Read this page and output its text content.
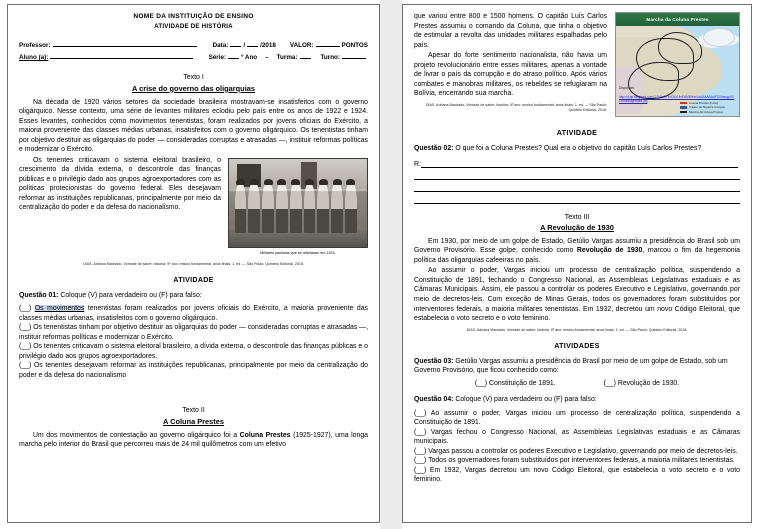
NOME DA INSTITUIÇÃO DE ENSINO
ATIVIDADE DE HISTÓRIA
Professor:	Data: / /2018 VALOR:	PONTOS
Aluno (a):	Série: º Ano – Turma:	Turno:
Texto I
A crise do governo das oligarquias

Na década de 1920 vários setores da sociedade brasileira mostravam-se insatisfeitos com o governo oligárquico. Nesse contexto, uma série de levantes militares eclodiu pelo país entre os anos de 1922 e 1924. Esses levantes, conhecidos como movimentos tenentistas, foram realizados por jovens oficiais do Exército, a maioria proveniente das classes médias urbanas, insatisfeitos com o governo oligárquico. Os tenentistas tinham por objetivo destituir as oligarquias do poder — consideradas corruptas e atrasadas —, instituir reformas políticas e modernizar o Exército.

Militares paulistas que se rebelaram em 1924.

Os tenentes criticavam o sistema eleitoral brasileiro, o crescimento da dívida externa, o descontrole das finanças públicas e o privilégio dado aos grupos agroexportadores com as políticas protecionistas do governo federal. Eles desejavam reformar as instituições republicanas, principalmente por meio da centralização do poder e da defesa do nacionalismo.

DIAS, Adriana Machado. Vontade de saber: história: 9º ano: ensino fundamental: anos finais. 1. ed. — São Paulo: Quinteto Editorial, 2018.
ATIVIDADE
Questão 01: Coloque (V) para verdadeiro ou (F) para falso:

(__) Os movimentos tenentistas foram realizados por jovens oficiais do Exército, a maioria proveniente das classes médias urbanas, insatisfeitos com o governo oligárquico.

(__) Os tenentistas tinham por objetivo destituir as oligarquias do poder — consideradas corruptas e atrasadas —, instituir reformas políticas e modernizar o Exército.

(__) Os tenentes criticavam o sistema eleitoral brasileiro, a dívida externa, o descontrole das finanças públicas e o privilégio dado aos grupos agroexportadores.

(__) Os tenentes desejavam reformar as instituições republicanas, principalmente por meio da centralização do poder e da defesa do nacionalismo

Texto II
A Coluna Prestes

Um dos movimentos de contestação ao governo oligárquico foi a Coluna Prestes (1925-1927), uma longa marcha pelo interior do Brasil que percorreu mais de 24 mil quilômetros com um efetivo

Marcha da Coluna Prestes
Disponível:
http://4.bp.blogspot.com/-1Tc8cAYYcClU/UlvEAMB9nhI/AAAAAAAAFCI/ImoqpXCO/colunaprestes.jpg	Coluna Prestes (início)
Trajeto de Siqueira Campos
Marcha da Coluna Prestes

que variou entre 800 e 1500 homens. O capitão Luís Carlos Prestes assumiu o comando da Coluna, que tinha o objetivo de estimular a revolta das unidades militares espalhadas pelo país.

Apesar do forte sentimento nacionalista, não havia um projeto revolucionário entre esses militares, apenas a vontade de livrar o país da corrupção e do atraso político. Após vários combates e manobras militares, os rebeldes se refugiaram na Bolívia, encerrando sua marcha.

DIAS, Adriana Machado. Vontade de saber: história: 9º ano: ensino fundamental: anos finais. 1. ed. — São Paulo: Quinteto Editorial, 2018.
ATIVIDADE
Questão 02: O que foi a Coluna Prestes? Qual era o objetivo do capitão Luís Carlos Prestes?
R:
Texto III
A Revolução de 1930

Em 1930, por meio de um golpe de Estado, Getúlio Vargas assumiu a presidência do Brasil sob um Governo Provisório. Esse golpe, conhecido como Revolução de 1930, marcou o fim da hegemonia política das oligarquias cafeeiras no país.

Ao assumir o poder, Vargas iniciou um processo de centralização política, suspendendo a Constituição de 1891, fechando o Congresso Nacional, as Assembleias Legislativas estaduais e as Câmaras Municipais. Assim, ele passou a controlar os poderes Executivo e Legislativo, governando por meio de decretos-leis. Com exceção de Minas Gerais, todos os governadores foram substituídos por interventores federais, a maioria militares tenentistas. Em 1932, decretou um novo Código Eleitoral, que estabelecia o voto secreto e o voto feminino.

DIAS, Adriana Machado. Vontade de saber: história: 9º ano: ensino fundamental: anos finais. 1. ed. — São Paulo: Quinteto Editorial, 2018.
ATIVIDADES
Questão 03: Getúlio Vargas assumiu a presidência do Brasil por meio de um golpe de Estado, sob um Governo Provisório, que ficou conhecido como:
(__) Constituição de 1891.	(__) Revolução de 1930.
Questão 04: Coloque (V) para verdadeiro ou (F) para falso:

(__) Ao assumir o poder, Vargas iniciou um processo de centralização política, suspendendo a Constituição de 1891.

(__) Vargas fechou o Congresso Nacional, as Assembleias Legislativas estaduais e as Câmaras municipais.

(__) Vargas passou a controlar os poderes Executivo e Legislativo, governando por meio de decretos-leis.

(__) Todos os governadores foram substituídos por interventores federais, a maioria militares tenentistas.

(__) Em 1932, Vargas decretou um novo Código Eleitoral, que estabelecia o voto secreto e o voto feminino.
